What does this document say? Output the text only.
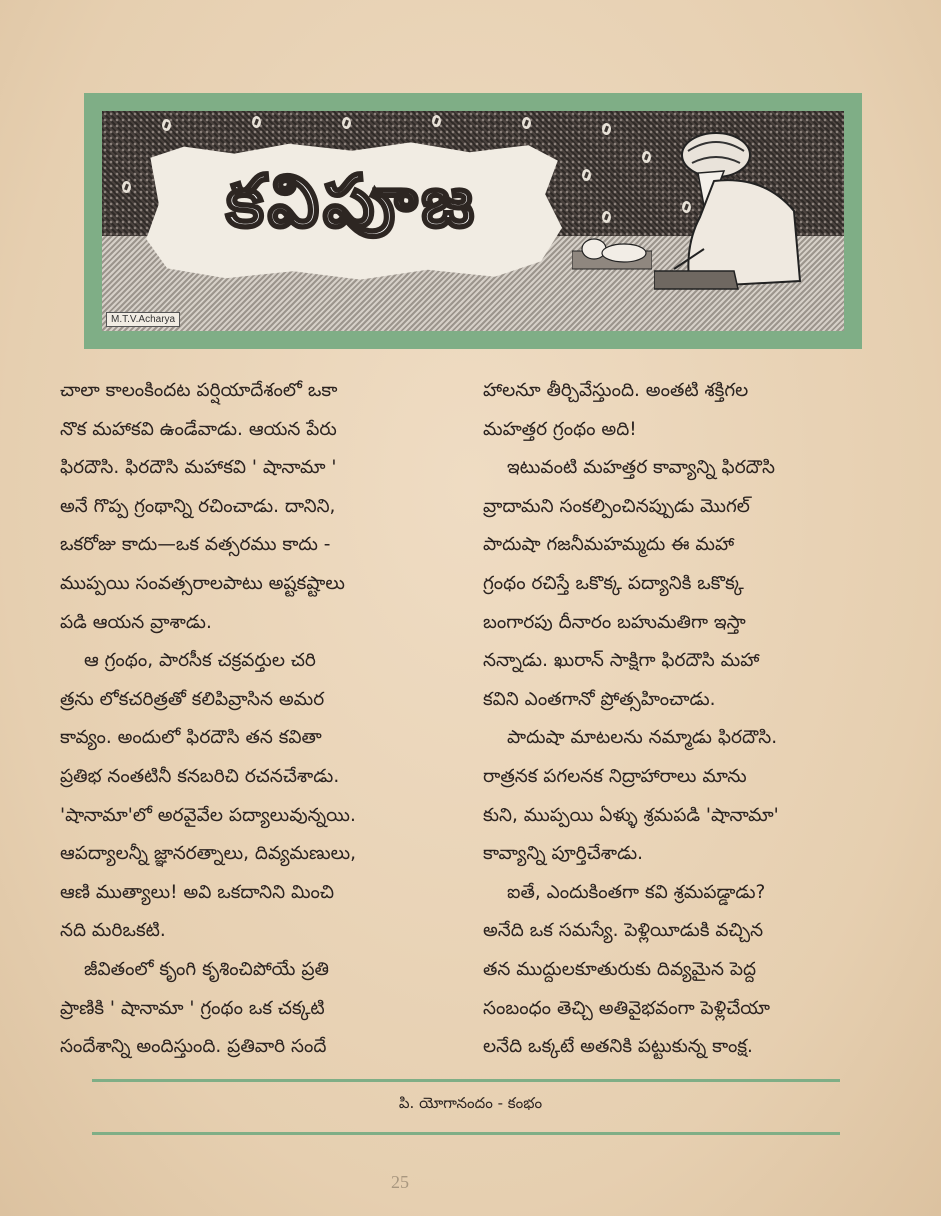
కవిపూజ
M.T.V.Acharya
చాలా కాలంకిందట పర్షియాదేశంలో ఒకా
నొక మహాకవి ఉండేవాడు. ఆయన పేరు
ఫిరదౌసి. ఫిరదౌసి మహాకవి ' షానామా '
అనే గొప్ప గ్రంథాన్ని రచించాడు. దానిని,
ఒకరోజు కాదు—ఒక వత్సరము కాదు -
ముప్పయి సంవత్సరాలపాటు అష్టకష్టాలు
పడి ఆయన వ్రాశాడు.
ఆ గ్రంథం, పారసీక చక్రవర్తుల చరి
త్రను లోకచరిత్రతో కలిపివ్రాసిన అమర
కావ్యం. అందులో ఫిరదౌసి తన కవితా
ప్రతిభ నంతటినీ కనబరిచి రచనచేశాడు.
'షానామా'లో అరవైవేల పద్యాలువున్నయి.
ఆపద్యాలన్నీ జ్ఞానరత్నాలు, దివ్యమణులు,
ఆణి ముత్యాలు! అవి ఒకదానిని మించి
నది మరిఒకటి.
జీవితంలో కృంగి కృశించిపోయే ప్రతి
ప్రాణికి ' షానామా ' గ్రంథం ఒక చక్కటి
సందేశాన్ని అందిస్తుంది. ప్రతివారి సందే
హాలనూ తీర్చివేస్తుంది. అంతటి శక్తిగల
మహత్తర గ్రంథం అది!
ఇటువంటి మహత్తర కావ్యాన్ని ఫిరదౌసి
వ్రాదామని సంకల్పించినప్పుడు మొగల్
పాదుషా గజనీమహమ్మదు ఈ మహా
గ్రంథం రచిస్తే ఒకొక్క పద్యానికి ఒకొక్క
బంగారపు దీనారం బహుమతిగా ఇస్తా
నన్నాడు. ఖురాన్ సాక్షిగా ఫిరదౌసి మహా
కవిని ఎంతగానో ప్రోత్సహించాడు.
పాదుషా మాటలను నమ్మాడు ఫిరదౌసి.
రాత్రనక పగలనక నిద్రాహారాలు మాను
కుని, ముప్పయి ఏళ్ళు శ్రమపడి 'షానామా'
కావ్యాన్ని పూర్తిచేశాడు.
ఐతే, ఎందుకింతగా కవి శ్రమపడ్డాడు?
అనేది ఒక సమస్యే. పెళ్లియీడుకి వచ్చిన
తన ముద్దులకూతురుకు దివ్యమైన పెద్ద
సంబంధం తెచ్చి అతివైభవంగా పెళ్లిచేయా
లనేది ఒక్కటే అతనికి పట్టుకున్న కాంక్ష.
పి. యోగానందం - కంభం
25
